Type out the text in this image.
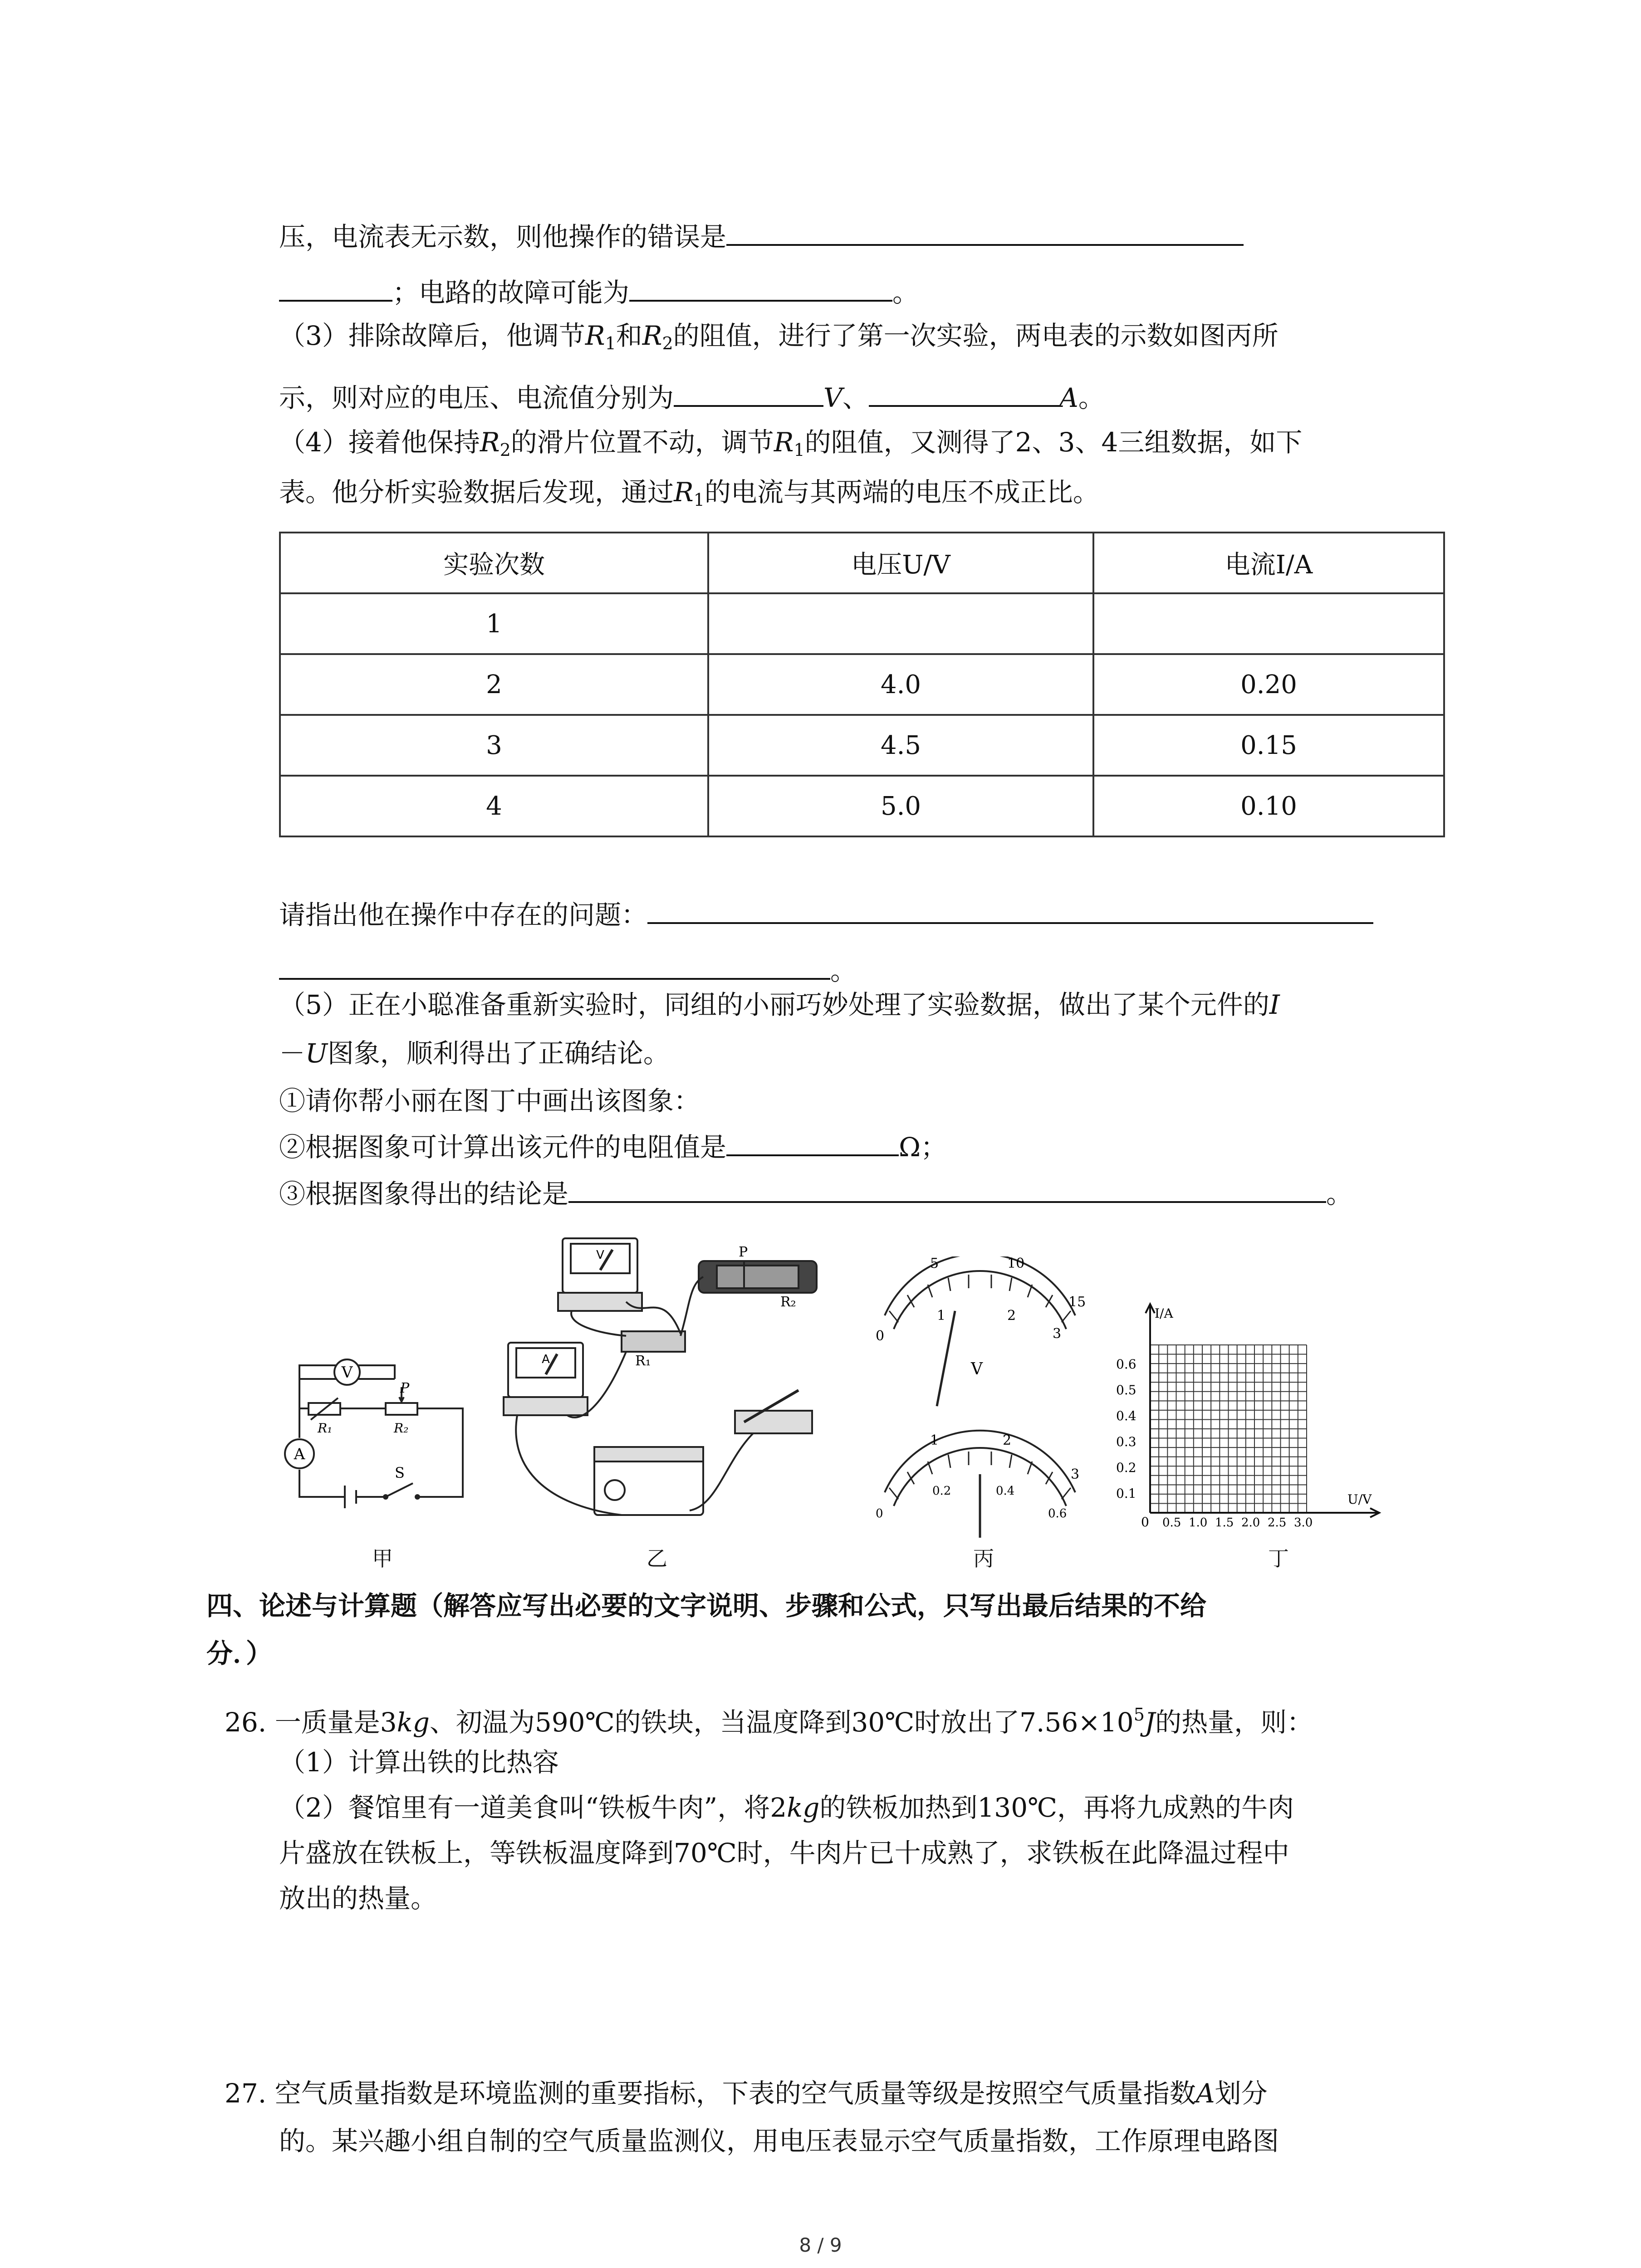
压，电流表无示数，则他操作的错误是
；电路的故障可能为	。
（3）排除故障后，他调节$R_1$和$R_2$的阻值，进行了第一次实验，两电表的示数如图丙所
示，则对应的电压、电流值分别为	V、	A。
（4）接着他保持$R_2$的滑片位置不动，调节$R_1$的阻值，又测得了2、3、4三组数据，如下
表。他分析实验数据后发现，通过$R_1$的电流与其两端的电压不成正比。
实验次数	电压U/V	电流I/A
1		
2	4.0	0.20
3	4.5	0.15
4	5.0	0.10
请指出他在操作中存在的问题：
。
（5）正在小聪准备重新实验时，同组的小丽巧妙处理了实验数据，做出了某个元件的I
－U图象，顺利得出了正确结论。
①请你帮小丽在图丁中画出该图象：
②根据图象可计算出该元件的电阻值是	Ω；
③根据图象得出的结论是	。
V
A
P
R₁	R₂
S
V
A
P
R₁
R₂
5	10
15
0
1	2
3
V
1	2
3
0
0.2	0.4
0.6
I/A
U/V
0
0.1
0.2
0.3
0.4
0.5
0.6
0.5 1.0 1.5 2.0 2.5 3.0
甲	乙	丙	丁
四、论述与计算题（解答应写出必要的文字说明、步骤和公式，只写出最后结果的不给
分．）
26. 一质量是3kg、初温为590℃的铁块，当温度降到30℃时放出了$7.56\times 10^5J$的热量，则：
（1）计算出铁的比热容
（2）餐馆里有一道美食叫“铁板牛肉”，将2kg的铁板加热到130℃，再将九成熟的牛肉
片盛放在铁板上，等铁板温度降到70℃时，牛肉片已十成熟了，求铁板在此降温过程中
放出的热量。
27. 空气质量指数是环境监测的重要指标，下表的空气质量等级是按照空气质量指数A划分
的。某兴趣小组自制的空气质量监测仪，用电压表显示空气质量指数，工作原理电路图
8 / 9
